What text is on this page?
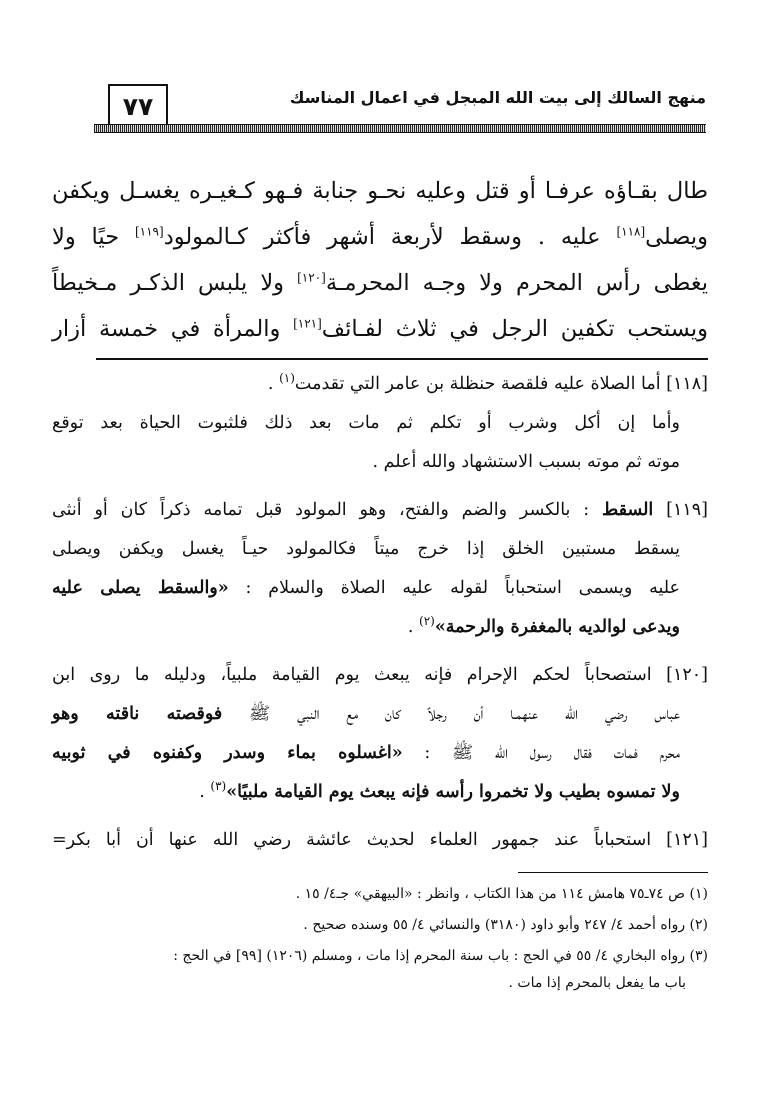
٧٧	منهج السالك إلى بيت الله المبجل في اعمال المناسك

طال بقـاؤه عرفـا أو قتل وعليه نحـو جنابة فـهو كـغيـره يغسـل ويكفن

ويصلى[١١٨] عليه . وسقط لأربعة أشهر فأكثر كـالمولود[١١٩] حيًا ولا

يغطى رأس المحرم ولا وجـه المحرمـة[١٢٠] ولا يلبس الذكـر مـخيطاً

ويستحب تكفين الرجل في ثلاث لفـائف[١٢١] والمرأة في خمسة أزار

[١١٨] أما الصلاة عليه فلقصة حنظلة بن عامر التي تقدمت$^{(١)}$ .

وأما إن أكل وشرب أو تكلم ثم مات بعد ذلك فلثبوت الحياة بعد توقع

موته ثم موته بسبب الاستشهاد والله أعلم .

[١١٩] السقط : بالكسر والضم والفتح، وهو المولود قبل تمامه ذكراً كان أو أنثى

يسقط مستبين الخلق إذا خرج ميتاً فكالمولود حيـاً يغسل ويكفن ويصلى

عليه ويسمى استحباباً لقوله عليه الصلاة والسلام : «والسقط يصلى عليه

ويدعى لوالديه بالمغفرة والرحمة»$^{(٢)}$ .

[١٢٠] استصحاباً لحكم الإحرام فإنه يبعث يوم القيامة ملبياً، ودليله ما روى ابن

عباس رضي الله عنهمـا أن رجلاً كان مع النبي ﷺ فوقصته ناقته وهو

محرم فمات فقال رسول الله ﷺ : «اغسلوه بماء وسدر وكفنوه في ثوبيه

ولا تمسوه بطيب ولا تخمروا رأسه فإنه يبعث يوم القيامة ملبيًا»$^{(٣)}$ .

[١٢١] استحباباً عند جمهور العلماء لحديث عائشة رضي الله عنها أن أبا بكر=

(١) ص ٧٤ـ٧٥ هامش ١١٤ من هذا الكتاب ، وانظر : «البيهقي» جـ٤/ ١٥ .

(٢) رواه أحمد ٤/ ٢٤٧ وأبو داود (٣١٨٠) والنسائي ٤/ ٥٥ وسنده صحيح .

(٣) رواه البخاري ٤/ ٥٥ في الحج : باب سنة المحرم إذا مات ، ومسلم (١٢٠٦) [٩٩] في الحج :
باب ما يفعل بالمحرم إذا مات .
